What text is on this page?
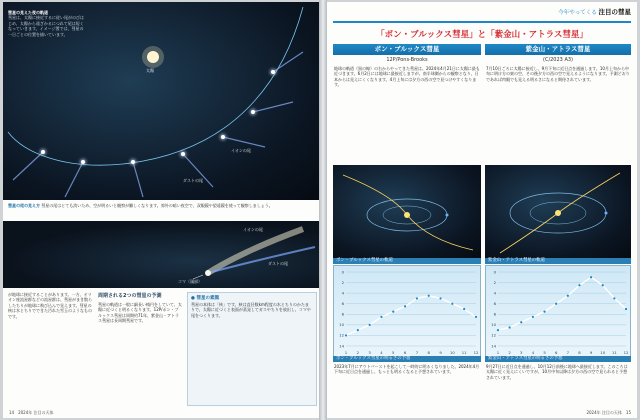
彗星の見えた夜の軌道
彗星は、太陽に接近するに従い尾がのびはじめ、太陽から遠ざかるにつれて尾は短くなっていきます。イメージ図では、彗星の一日ごとの位置を描いています。
太陽
イオンの尾
ダストの尾
彗星の尾の見え方 彗星の尾はとても淡いため、空が明るいと観察が難しくなります。郊外の暗い夜空で、双眼鏡や望遠鏡を使って観察しましょう。
イオンの尾
ダストの尾
コマ（頭部）
が地球に接近することがあります。一方、オリオン座流星群などの流星群は、彗星がまき散らしたちりが地球に飛び込んで見えます。彗星の核は氷とちりでできた汚れた雪玉のようなものです。
周期される2つの彗星の予測
彗星の軌道は一般に細長い楕円をしていて、太陽に近づくと明るくなります。12P/ポン・ブルックス彗星は周期約71年、紫金山・アトラス彗星は長周期彗星です。
● 彗星の素顔
彗星の本体は「核」です。核は直径数km程度の氷とちりのかたまりで、太陽に近づくと表面が蒸発してガスやちりを放出し、コマや尾をつくります。
14　 2024年 注目の天体
今年やってくる 注目の彗星
「ポン・ブルックス彗星」と「紫金山・アトラス彗星」
ポン・ブルックス彗星
12P/Pons-Brooks
地球の軌道（黒の線）の右からやってきた彗星は、2024年4月21日に太陽に最も近づきます。6月2日には地球に最接近しますが、南半球側からの観察となり、日本からは見えにくくなります。4月上旬には夕方の西の空で見つけやすくなります。
ポン・ブルックス彗星の軌道
1 2 3 4 5 6 7 8 9 10 11 12
0
2
4
6
8
10
12
14
ポン・ブルックス彗星の明るさの予想
2023年7月にアウトバーストを起こして一時的に明るくなりました。2024年4月下旬に近日点を通過し、もっとも明るくなると予想されています。
紫金山・アトラス彗星
(C/2023 A3)
7月10日ごろに太陽に接近し、9月下旬に近日点を通過します。10月上旬から中旬に明け方の東の空、その後夕方の西の空で見えるようになります。予測どおりであれば肉眼でも見える明るさになると期待されています。
紫金山・アトラス彗星の軌道
1 2 3 4 5 6 7 8 9 10 11 12
0
2
4
6
8
10
12
14
紫金山・アトラス彗星の明るさの予想
9月27日に近日点を通過し、10月12日前後に地球へ最接近します。このころは太陽に近く見えにくいですが、10月中旬以降は夕方の西の空で見られると予想されています。
2024年 注目の天体　 15
